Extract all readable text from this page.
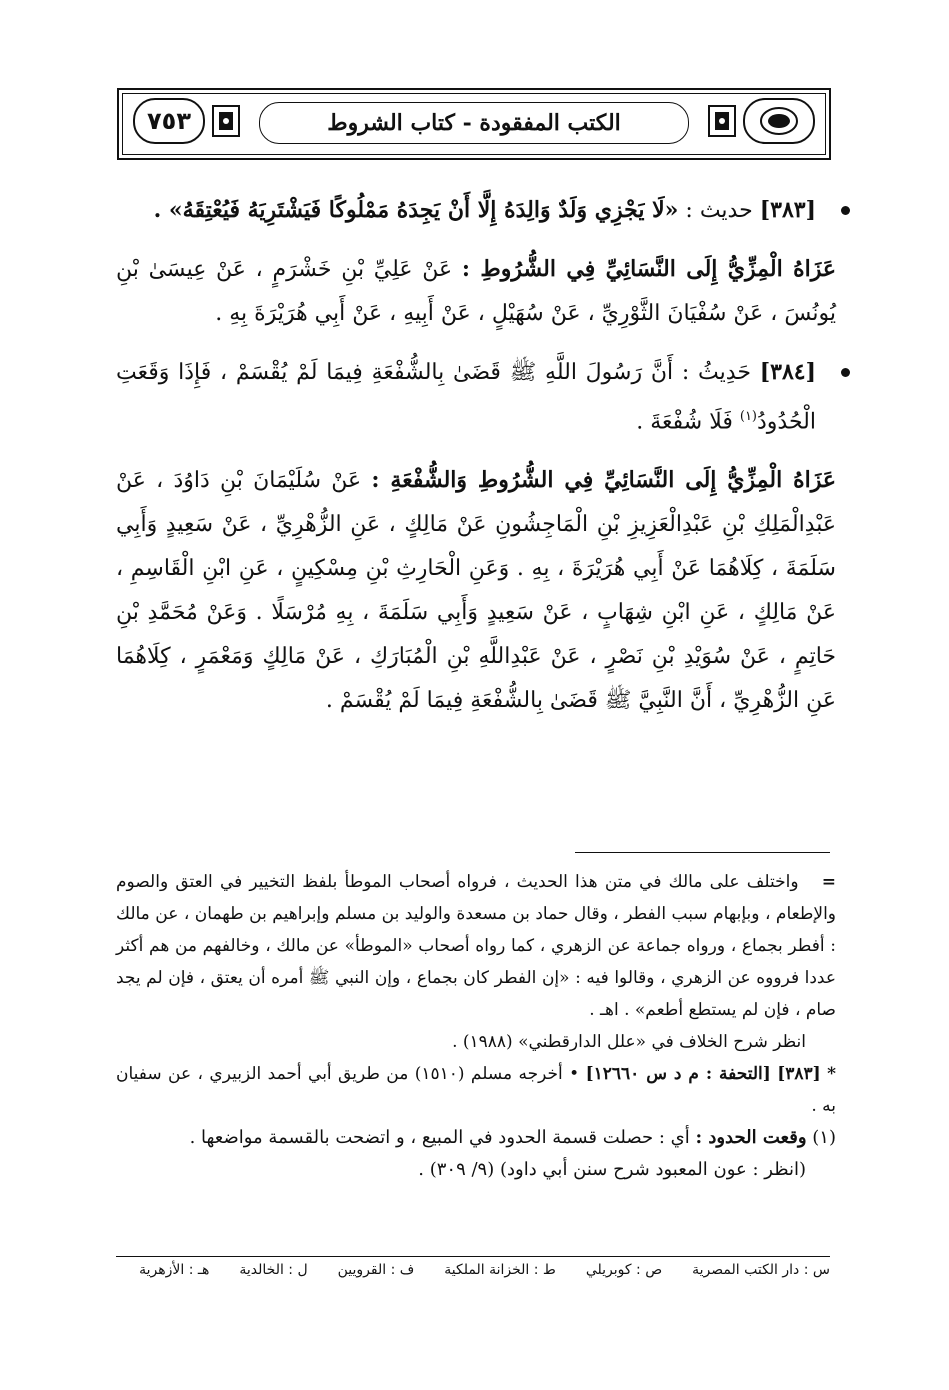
٧٥٣	الكتب المفقودة - كتاب الشروط

[٣٨٣] حديث : «لَا يَجْزِي وَلَدٌ وَالِدَهُ إِلَّا أَنْ يَجِدَهُ مَمْلُوكًا فَيَشْتَرِيَهُ فَيُعْتِقَهُ» .

عَزَاهُ الْمِزِّيُّ إِلَى النَّسَائِيِّ فِي الشُّرُوطِ : عَنْ عَلِيِّ بْنِ خَشْرَمٍ ، عَنْ عِيسَىٰ بْنِ يُونُسَ ، عَنْ سُفْيَانَ الثَّوْرِيِّ ، عَنْ سُهَيْلٍ ، عَنْ أَبِيهِ ، عَنْ أَبِي هُرَيْرَةَ بِهِ .

[٣٨٤] حَدِيثُ : أَنَّ رَسُولَ اللَّهِ ﷺ قَضَىٰ بِالشُّفْعَةِ فِيمَا لَمْ يُقْسَمْ ، فَإِذَا وَقَعَتِ الْحُدُودُ$^{(١)}$ فَلَا شُفْعَةَ .

عَزَاهُ الْمِزِّيُّ إِلَى النَّسَائِيِّ فِي الشُّرُوطِ وَالشُّفْعَةِ : عَنْ سُلَيْمَانَ بْنِ دَاوُدَ ، عَنْ عَبْدِالْمَلِكِ بْنِ عَبْدِالْعَزِيزِ بْنِ الْمَاجِشُونِ عَنْ مَالِكٍ ، عَنِ الزُّهْرِيِّ ، عَنْ سَعِيدٍ وَأَبِي سَلَمَةَ ، كِلَاهُمَا عَنْ أَبِي هُرَيْرَةَ ، بِهِ . وَعَنِ الْحَارِثِ بْنِ مِسْكِينٍ ، عَنِ ابْنِ الْقَاسِمِ ، عَنْ مَالِكٍ ، عَنِ ابْنِ شِهَابٍ ، عَنْ سَعِيدٍ وَأَبِي سَلَمَةَ ، بِهِ مُرْسَلًا . وَعَنْ مُحَمَّدِ بْنِ حَاتِمٍ ، عَنْ سُوَيْدِ بْنِ نَصْرٍ ، عَنْ عَبْدِاللَّهِ بْنِ الْمُبَارَكِ ، عَنْ مَالِكٍ وَمَعْمَرٍ ، كِلَاهُمَا عَنِ الزُّهْرِيِّ ، أَنَّ النَّبِيَّ ﷺ قَضَىٰ بِالشُّفْعَةِ فِيمَا لَمْ يُقْسَمْ .

= واختلف على مالك في متن هذا الحديث ، فرواه أصحاب الموطأ بلفظ التخيير في العتق والصوم والإطعام ، وبإبهام سبب الفطر ، وقال حماد بن مسعدة والوليد بن مسلم وإبراهيم بن طهمان ، عن مالك : أفطر بجماع ، ورواه جماعة عن الزهري ، كما رواه أصحاب «الموطأ» عن مالك ، وخالفهم من هم أكثر عددا فرووه عن الزهري ، وقالوا فيه : «إن الفطر كان بجماع ، وإن النبي ﷺ أمره أن يعتق ، فإن لم يجد صام ، فإن لم يستطع أطعم» . اهـ .

انظر شرح الخلاف في «علل الدارقطني» (١٩٨٨) .

* [٣٨٣] [التحفة : م د س ١٢٦٦٠] • أخرجه مسلم (١٥١٠) من طريق أبي أحمد الزبيري ، عن سفيان به .

(١) وقعت الحدود : أي : حصلت قسمة الحدود في المبيع ، و اتضحت بالقسمة مواضعها .

(انظر : عون المعبود شرح سنن أبي داود) (٩/ ٣٠٩) .

س : دار الكتب المصرية
ص : كوبريلي
ط : الخزانة الملكية
ف : القرويين
ل : الخالدية
هـ : الأزهرية
